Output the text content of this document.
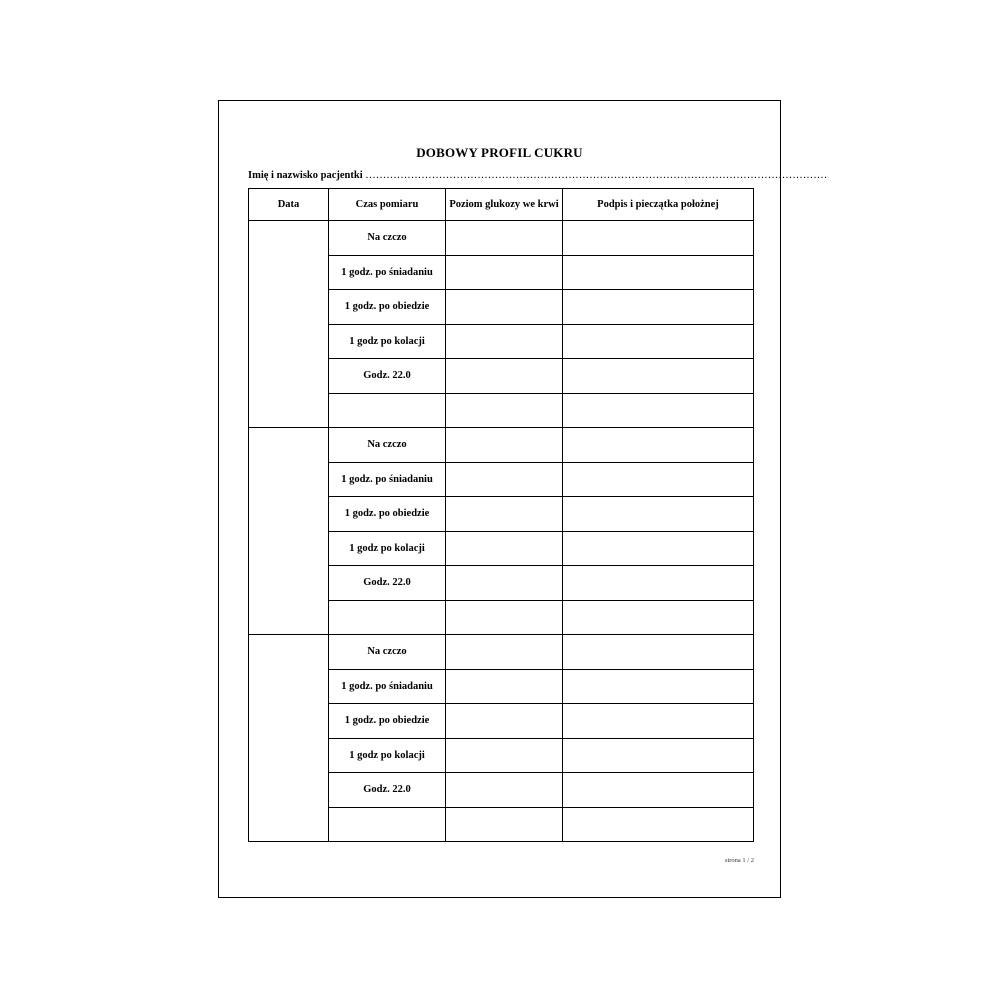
DOBOWY PROFIL CUKRU
Imię i nazwisko pacjentki ……………………………………………………………………………………………………………………
Data	Czas pomiaru	Poziom glukozy we krwi	Podpis i pieczątka położnej
	Na czczo		
	1 godz. po śniadaniu		
	1 godz. po obiedzie		
	1 godz po kolacji		
	Godz. 22.0		

	Na czczo		
	1 godz. po śniadaniu		
	1 godz. po obiedzie		
	1 godz po kolacji		
	Godz. 22.0		

	Na czczo		
	1 godz. po śniadaniu		
	1 godz. po obiedzie		
	1 godz po kolacji		
	Godz. 22.0		

strona 1 / 2
